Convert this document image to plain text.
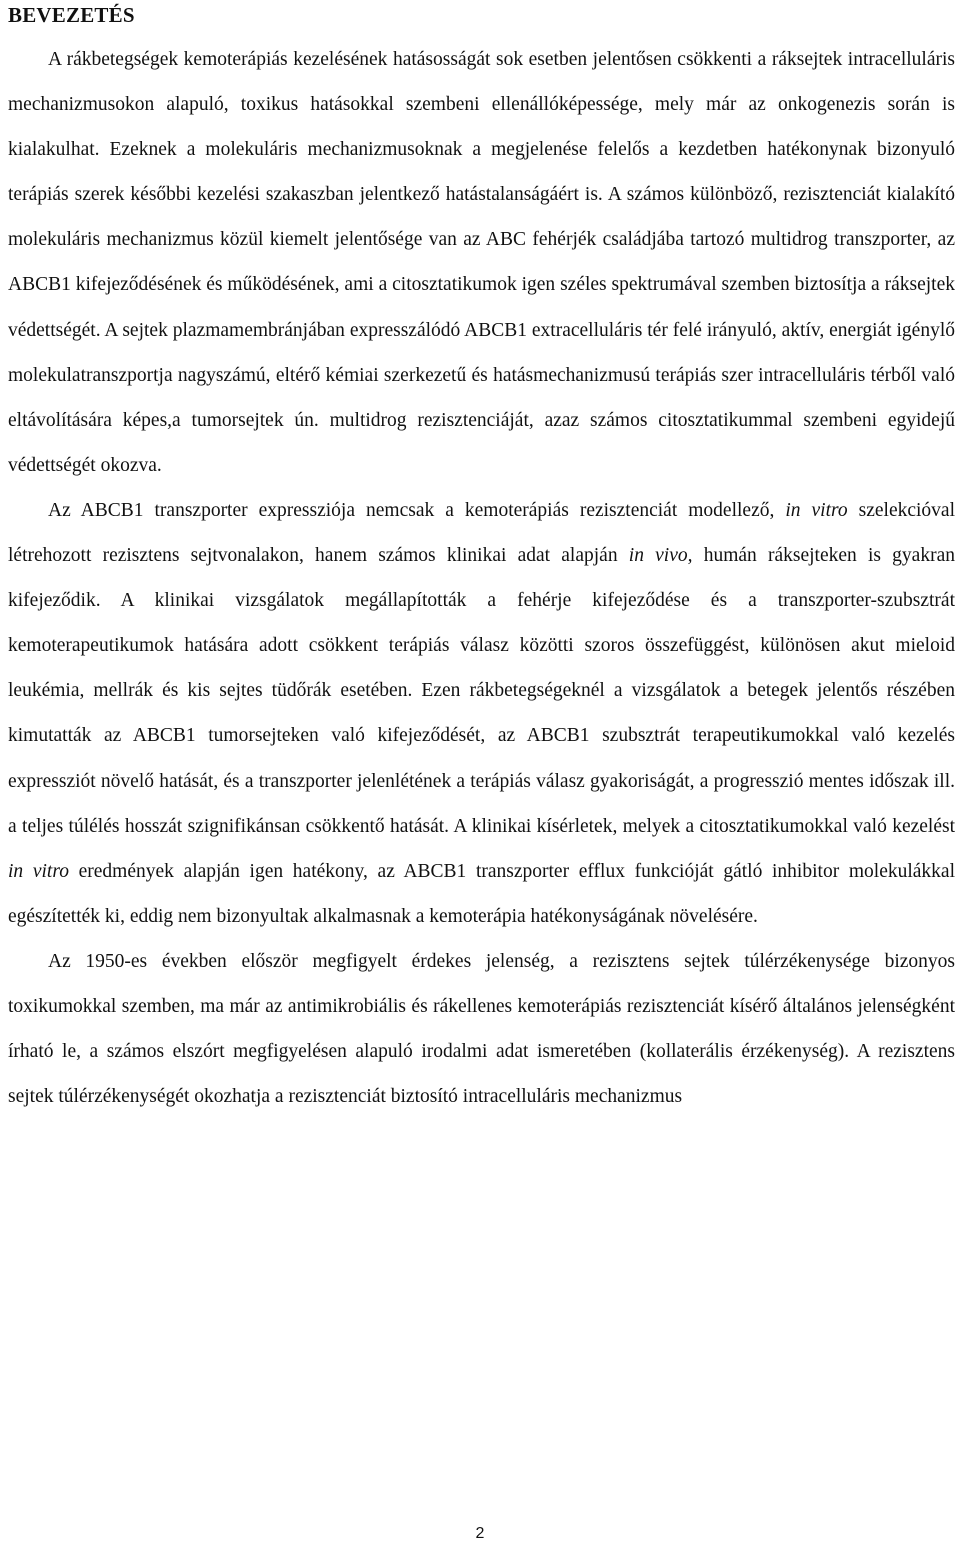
BEVEZETÉS

A rákbetegségek kemoterápiás kezelésének hatásosságát sok esetben jelentősen csökkenti a ráksejtek intracelluláris mechanizmusokon alapuló, toxikus hatásokkal szembeni ellenállóképessége, mely már az onkogenezis során is kialakulhat. Ezeknek a molekuláris mechanizmusoknak a megjelenése felelős a kezdetben hatékonynak bizonyuló terápiás szerek későbbi kezelési szakaszban jelentkező hatástalanságáért is. A számos különböző, rezisztenciát kialakító molekuláris mechanizmus közül kiemelt jelentősége van az ABC fehérjék családjába tartozó multidrog transzporter, az ABCB1 kifejeződésének és működésének, ami a citosztatikumok igen széles spektrumával szemben biztosítja a ráksejtek védettségét. A sejtek plazmamembránjában expresszálódó ABCB1 extracelluláris tér felé irányuló, aktív, energiát igénylő molekulatranszportja nagyszámú, eltérő kémiai szerkezetű és hatásmechanizmusú terápiás szer intracelluláris térből való eltávolítására képes,a tumorsejtek ún. multidrog rezisztenciáját, azaz számos citosztatikummal szembeni egyidejű védettségét okozva.

Az ABCB1 transzporter expressziója nemcsak a kemoterápiás rezisztenciát modellező, in vitro szelekcióval létrehozott rezisztens sejtvonalakon, hanem számos klinikai adat alapján in vivo, humán ráksejteken is gyakran kifejeződik. A klinikai vizsgálatok megállapították a fehérje kifejeződése és a transzporter-szubsztrát kemoterapeutikumok hatására adott csökkent terápiás válasz közötti szoros összefüggést, különösen akut mieloid leukémia, mellrák és kis sejtes tüdőrák esetében. Ezen rákbetegségeknél a vizsgálatok a betegek jelentős részében kimutatták az ABCB1 tumorsejteken való kifejeződését, az ABCB1 szubsztrát terapeutikumokkal való kezelés expressziót növelő hatását, és a transzporter jelenlétének a terápiás válasz gyakoriságát, a progresszió mentes időszak ill. a teljes túlélés hosszát szignifikánsan csökkentő hatását. A klinikai kísérletek, melyek a citosztatikumokkal való kezelést in vitro eredmények alapján igen hatékony, az ABCB1 transzporter efflux funkcióját gátló inhibitor molekulákkal egészítették ki, eddig nem bizonyultak alkalmasnak a kemoterápia hatékonyságának növelésére.

Az 1950-es években először megfigyelt érdekes jelenség, a rezisztens sejtek túlérzékenysége bizonyos toxikumokkal szemben, ma már az antimikrobiális és rákellenes kemoterápiás rezisztenciát kísérő általános jelenségként írható le, a számos elszórt megfigyelésen alapuló irodalmi adat ismeretében (kollaterális érzékenység). A rezisztens sejtek túlérzékenységét okozhatja a rezisztenciát biztosító intracelluláris mechanizmus

2
